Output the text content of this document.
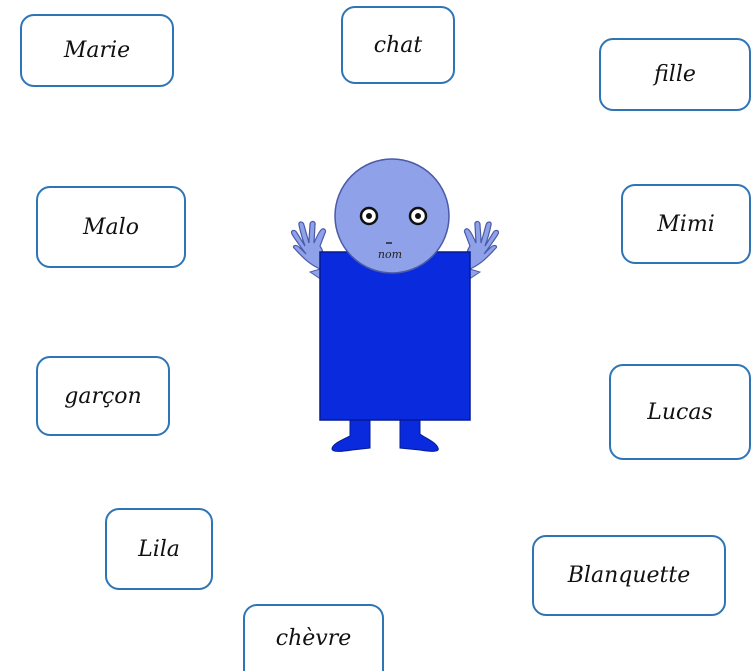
Marie	chat
fille
Malo	Mimi
garçon
Lucas
Lila
Blanquette
chèvre
nom
